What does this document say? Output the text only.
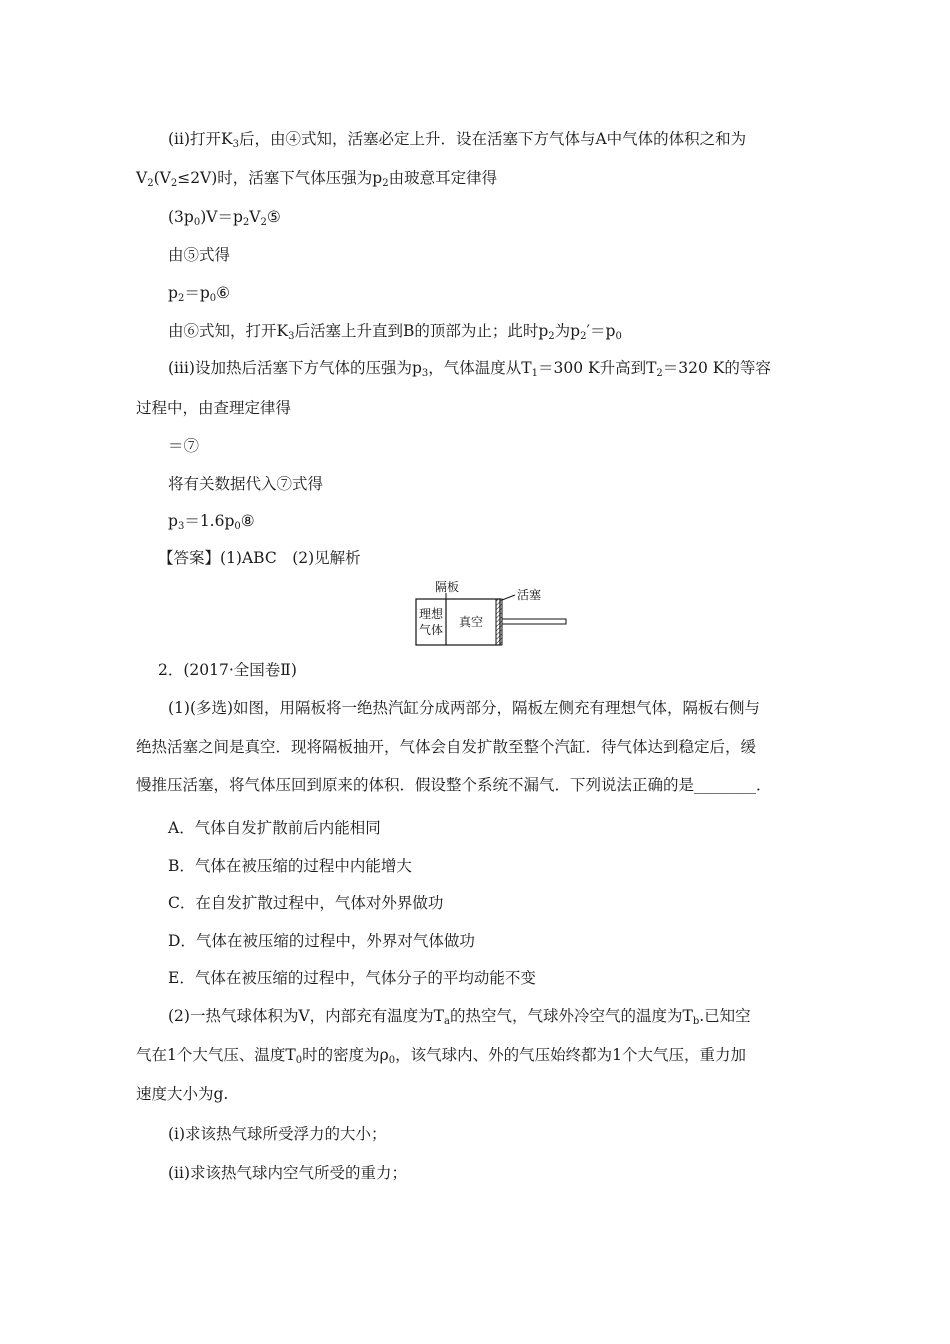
(ⅱ)打开$K_3$后，由④式知，活塞必定上升．设在活塞下方气体与A中气体的体积之和为
$V_2(V_2\le 2V)$时，活塞下气体压强为$p_2$由玻意耳定律得
$(3p_0)V=p_2V_2⑤$
由⑤式得
$p_2=p_0⑥$
由⑥式知，打开$K_3$后活塞上升直到B的顶部为止；此时$p_2$为$p_2'=p_0$
(ⅲ)设加热后活塞下方气体的压强为$p_3$，气体温度从$T_1=300$ K升高到$T_2=320$ K的等容
过程中，由查理定律得
＝⑦
将有关数据代入⑦式得
$p_3=1.6p_0⑧$
【答案】(1)ABC　(2)见解析
隔板
理想
气体
真空
活塞
2．(2017·全国卷Ⅱ)
(1)(多选)如图，用隔板将一绝热汽缸分成两部分，隔板左侧充有理想气体，隔板右侧与
绝热活塞之间是真空．现将隔板抽开，气体会自发扩散至整个汽缸．待气体达到稳定后，缓
慢推压活塞，将气体压回到原来的体积．假设整个系统不漏气．下列说法正确的是________．
A．气体自发扩散前后内能相同
B．气体在被压缩的过程中内能增大
C．在自发扩散过程中，气体对外界做功
D．气体在被压缩的过程中，外界对气体做功
E．气体在被压缩的过程中，气体分子的平均动能不变
(2)一热气球体积为V，内部充有温度为$T_a$的热空气，气球外冷空气的温度为$T_b$.已知空
气在1个大气压、温度$T_0$时的密度为$\rho_0$，该气球内、外的气压始终都为1个大气压，重力加
速度大小为g.
(ⅰ)求该热气球所受浮力的大小；
(ⅱ)求该热气球内空气所受的重力；
